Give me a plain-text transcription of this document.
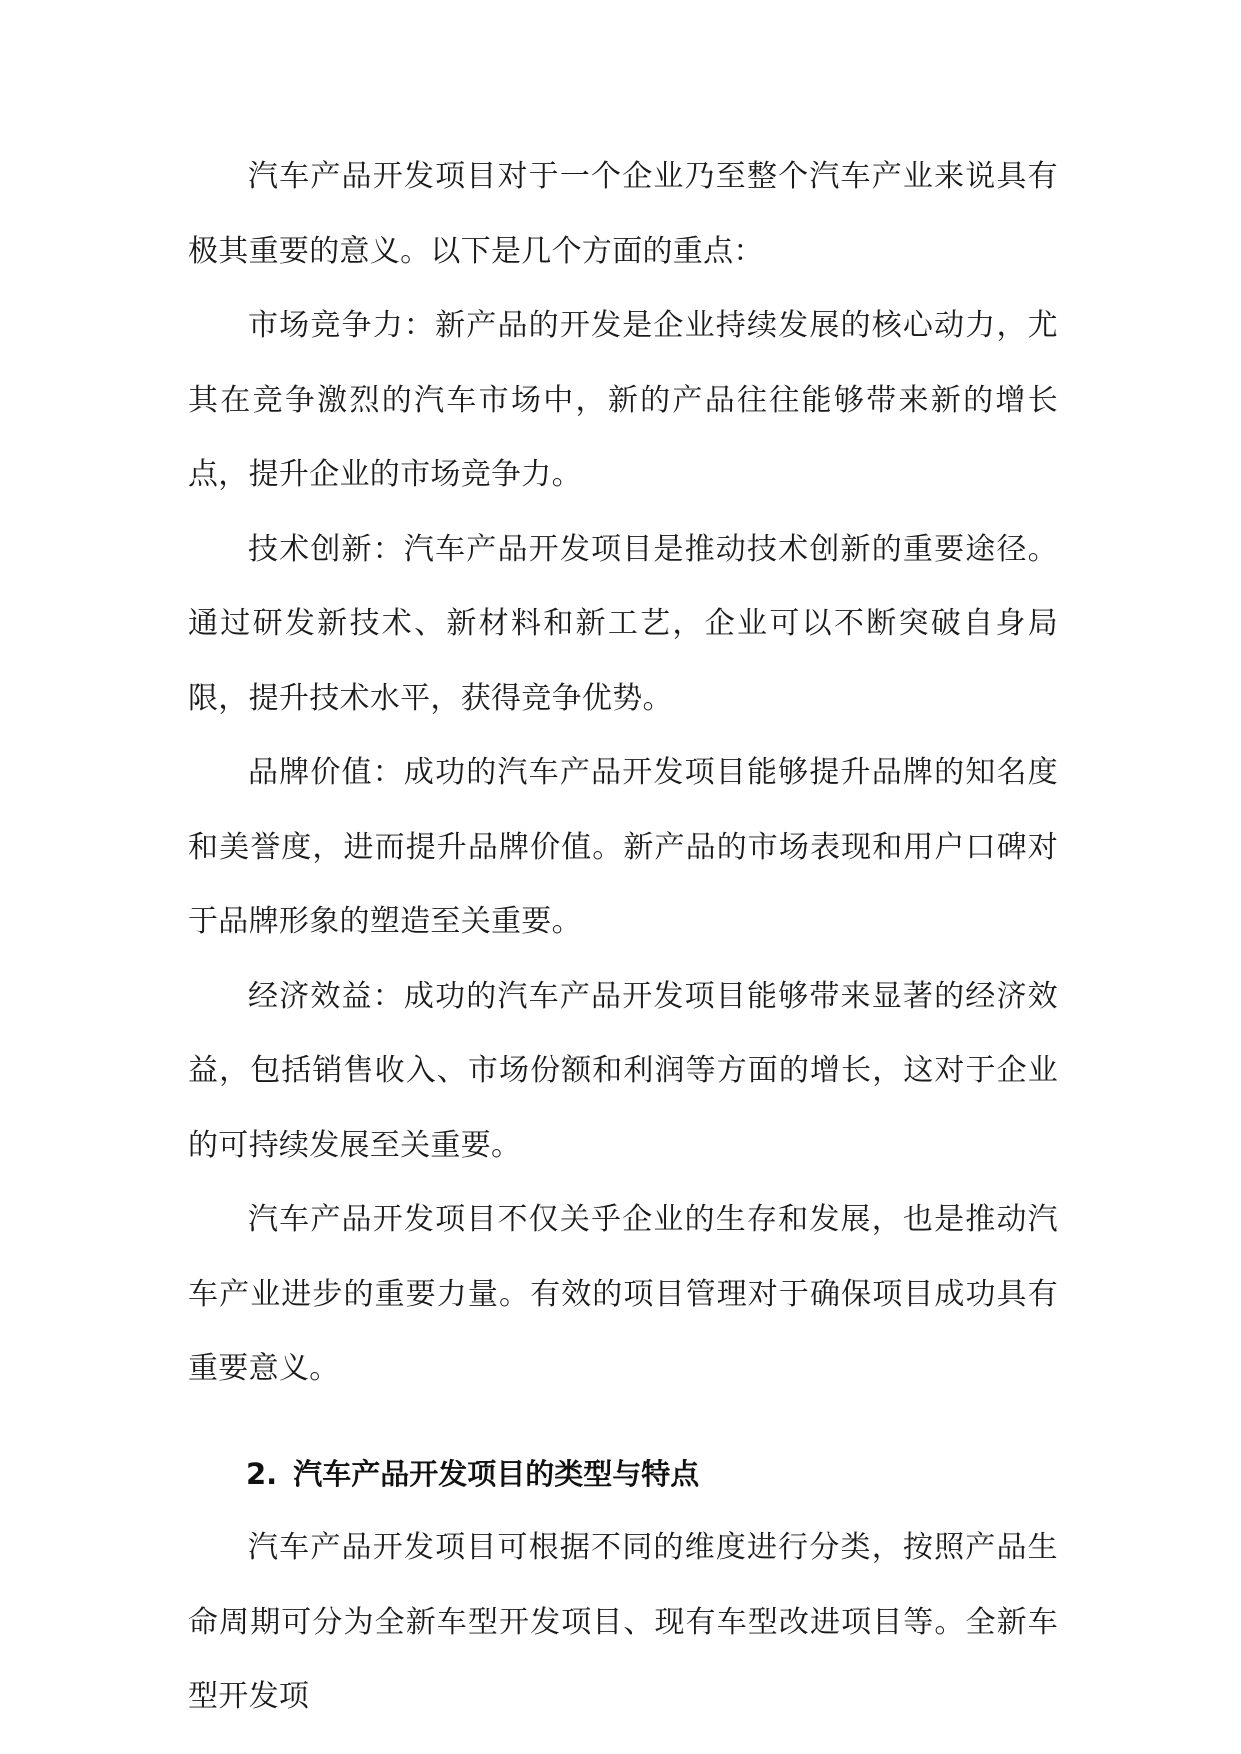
汽车产品开发项目对于一个企业乃至整个汽车产业来说具有极其重要的意义。以下是几个方面的重点：

市场竞争力：新产品的开发是企业持续发展的核心动力，尤其在竞争激烈的汽车市场中，新的产品往往能够带来新的增长点，提升企业的市场竞争力。

技术创新：汽车产品开发项目是推动技术创新的重要途径。通过研发新技术、新材料和新工艺，企业可以不断突破自身局限，提升技术水平，获得竞争优势。

品牌价值：成功的汽车产品开发项目能够提升品牌的知名度和美誉度，进而提升品牌价值。新产品的市场表现和用户口碑对于品牌形象的塑造至关重要。

经济效益：成功的汽车产品开发项目能够带来显著的经济效益，包括销售收入、市场份额和利润等方面的增长，这对于企业的可持续发展至关重要。

汽车产品开发项目不仅关乎企业的生存和发展，也是推动汽车产业进步的重要力量。有效的项目管理对于确保项目成功具有重要意义。

2. 汽车产品开发项目的类型与特点

汽车产品开发项目可根据不同的维度进行分类，按照产品生命周期可分为全新车型开发项目、现有车型改进项目等。全新车型开发项
